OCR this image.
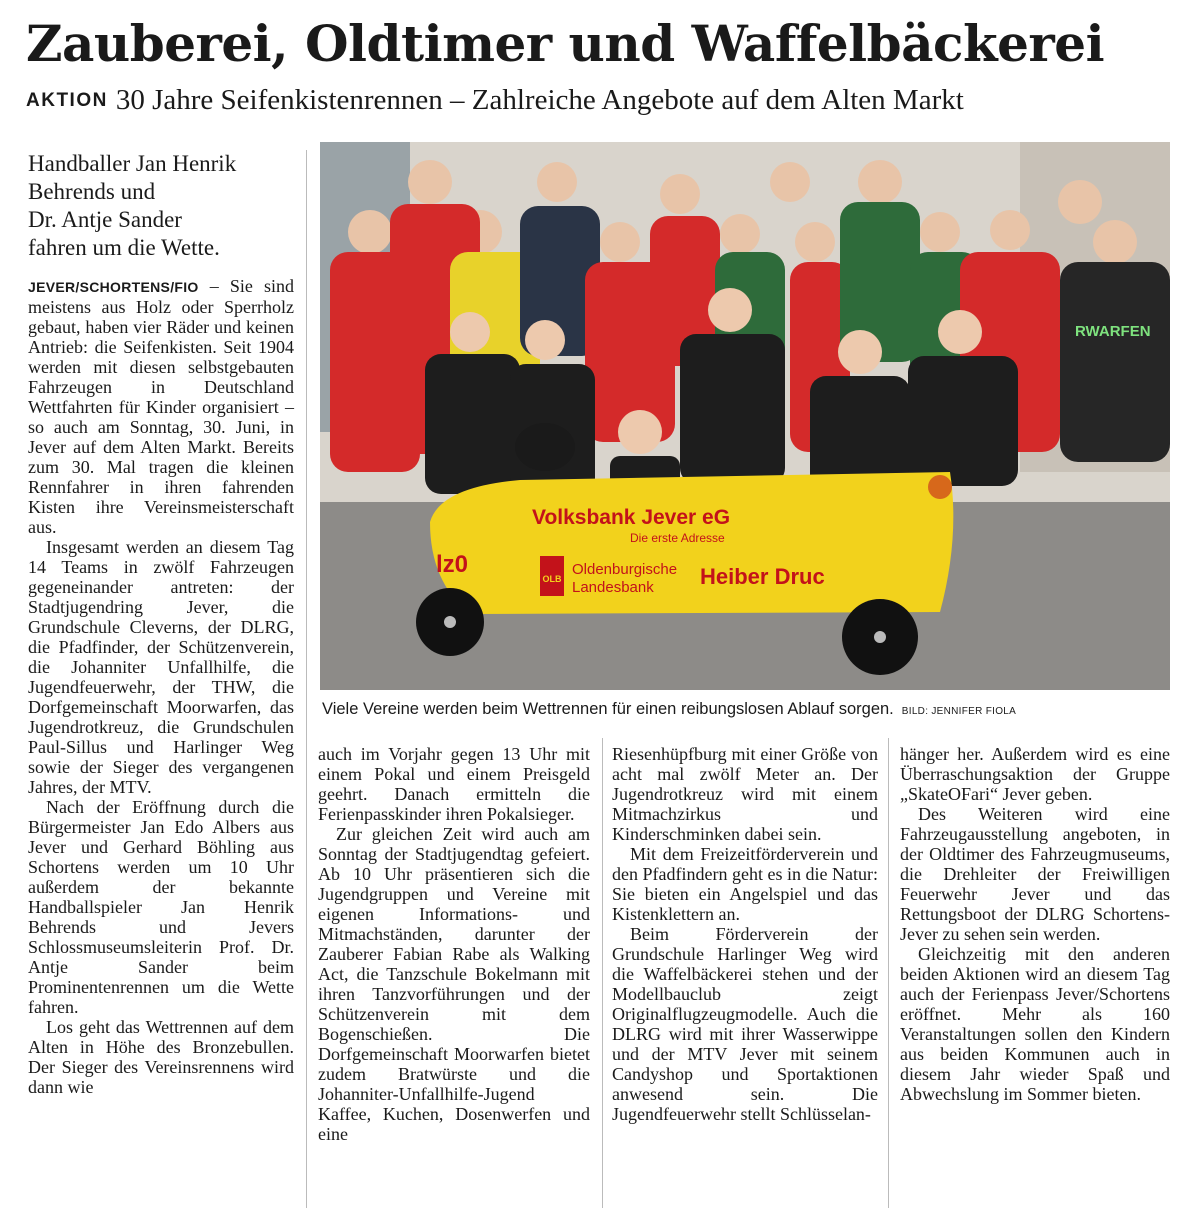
Zauberei, Oldtimer und Waffelbäckerei
AKTION 30 Jahre Seifenkistenrennen – Zahlreiche Angebote auf dem Alten Markt
Handballer Jan Henrik
Behrends und
Dr. Antje Sander
fahren um die Wette.

JEVER/SCHORTENS/FIO – Sie sind meistens aus Holz oder Sperrholz gebaut, haben vier Räder und keinen Antrieb: die Seifenkisten. Seit 1904 werden mit diesen selbstgebauten Fahrzeugen in Deutschland Wettfahrten für Kinder organisiert – so auch am Sonntag, 30. Juni, in Jever auf dem Alten Markt. Bereits zum 30. Mal tragen die kleinen Rennfahrer in ihren fahrenden Kisten ihre Vereinsmeisterschaft aus.

Insgesamt werden an diesem Tag 14 Teams in zwölf Fahrzeugen gegeneinander antreten: der Stadtjugendring Jever, die Grundschule Cleverns, der DLRG, die Pfadfinder, der Schützenverein, die Johanniter Unfallhilfe, die Jugendfeuerwehr, der THW, die Dorfgemeinschaft Moorwarfen, das Jugendrotkreuz, die Grundschulen Paul-Sillus und Harlinger Weg sowie der Sieger des vergangenen Jahres, der MTV.

Nach der Eröffnung durch die Bürgermeister Jan Edo Albers aus Jever und Gerhard Böhling aus Schortens werden um 10 Uhr außerdem der bekannte Handballspieler Jan Henrik Behrends und Jevers Schlossmuseumsleiterin Prof. Dr. Antje Sander beim Prominentenrennen um die Wette fahren.

Los geht das Wettrennen auf dem Alten in Höhe des Bronzebullen. Der Sieger des Vereinsrennens wird dann wie

RWARFEN
lz0
Volksbank Jever eG
Die erste Adresse
OLB
Oldenburgische
Landesbank Heiber Druc
Viele Vereine werden beim Wettrennen für einen reibungslosen Ablauf sorgen. BILD: JENNIFER FIOLA

auch im Vorjahr gegen 13 Uhr mit einem Pokal und einem Preisgeld geehrt. Danach ermitteln die Ferienpasskinder ihren Pokalsieger.

Zur gleichen Zeit wird auch am Sonntag der Stadtjugendtag gefeiert. Ab 10 Uhr präsentieren sich die Jugendgruppen und Vereine mit eigenen Informations- und Mitmachständen, darunter der Zauberer Fabian Rabe als Walking Act, die Tanzschule Bokelmann mit ihren Tanzvorführungen und der Schützenverein mit dem Bogenschießen. Die Dorfgemeinschaft Moorwarfen bietet zudem Bratwürste und die Johanniter-Unfallhilfe-Jugend Kaffee, Kuchen, Dosenwerfen und eine

Riesenhüpfburg mit einer Größe von acht mal zwölf Meter an. Der Jugendrotkreuz wird mit einem Mitmachzirkus und Kinderschminken dabei sein.

Mit dem Freizeitförderverein und den Pfadfindern geht es in die Natur: Sie bieten ein Angelspiel und das Kistenklettern an.

Beim Förderverein der Grundschule Harlinger Weg wird die Waffelbäckerei stehen und der Modellbauclub zeigt Originalflugzeugmodelle. Auch die DLRG wird mit ihrer Wasserwippe und der MTV Jever mit seinem Candyshop und Sportaktionen anwesend sein. Die Jugendfeuerwehr stellt Schlüsselan-

hänger her. Außerdem wird es eine Überraschungsaktion der Gruppe „SkateOFari“ Jever geben.

Des Weiteren wird eine Fahrzeugausstellung angeboten, in der Oldtimer des Fahrzeugmuseums, die Drehleiter der Freiwilligen Feuerwehr Jever und das Rettungsboot der DLRG Schortens-Jever zu sehen sein werden.

Gleichzeitig mit den anderen beiden Aktionen wird an diesem Tag auch der Ferienpass Jever/Schortens eröffnet. Mehr als 160 Veranstaltungen sollen den Kindern aus beiden Kommunen auch in diesem Jahr wieder Spaß und Abwechslung im Sommer bieten.
